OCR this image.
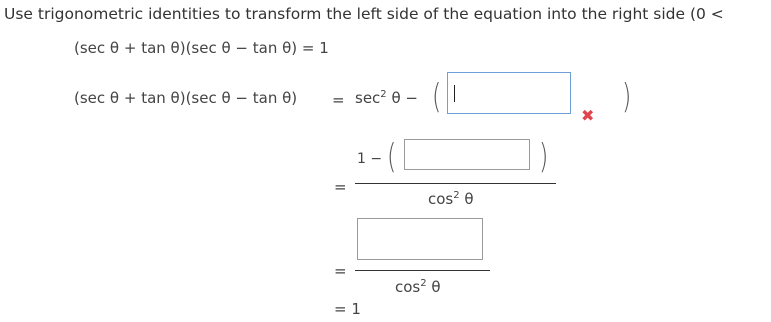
Use trigonometric identities to transform the left side of the equation into the right side (0 <
(sec θ + tan θ)(sec θ − tan θ) = 1
(sec θ + tan θ)(sec $\theta - \tan \theta) = \sec^2 \theta$ − (	✖ )
1 − (	)
=
$\cos^2 \theta$
=
$\cos^2 \theta$
= 1
